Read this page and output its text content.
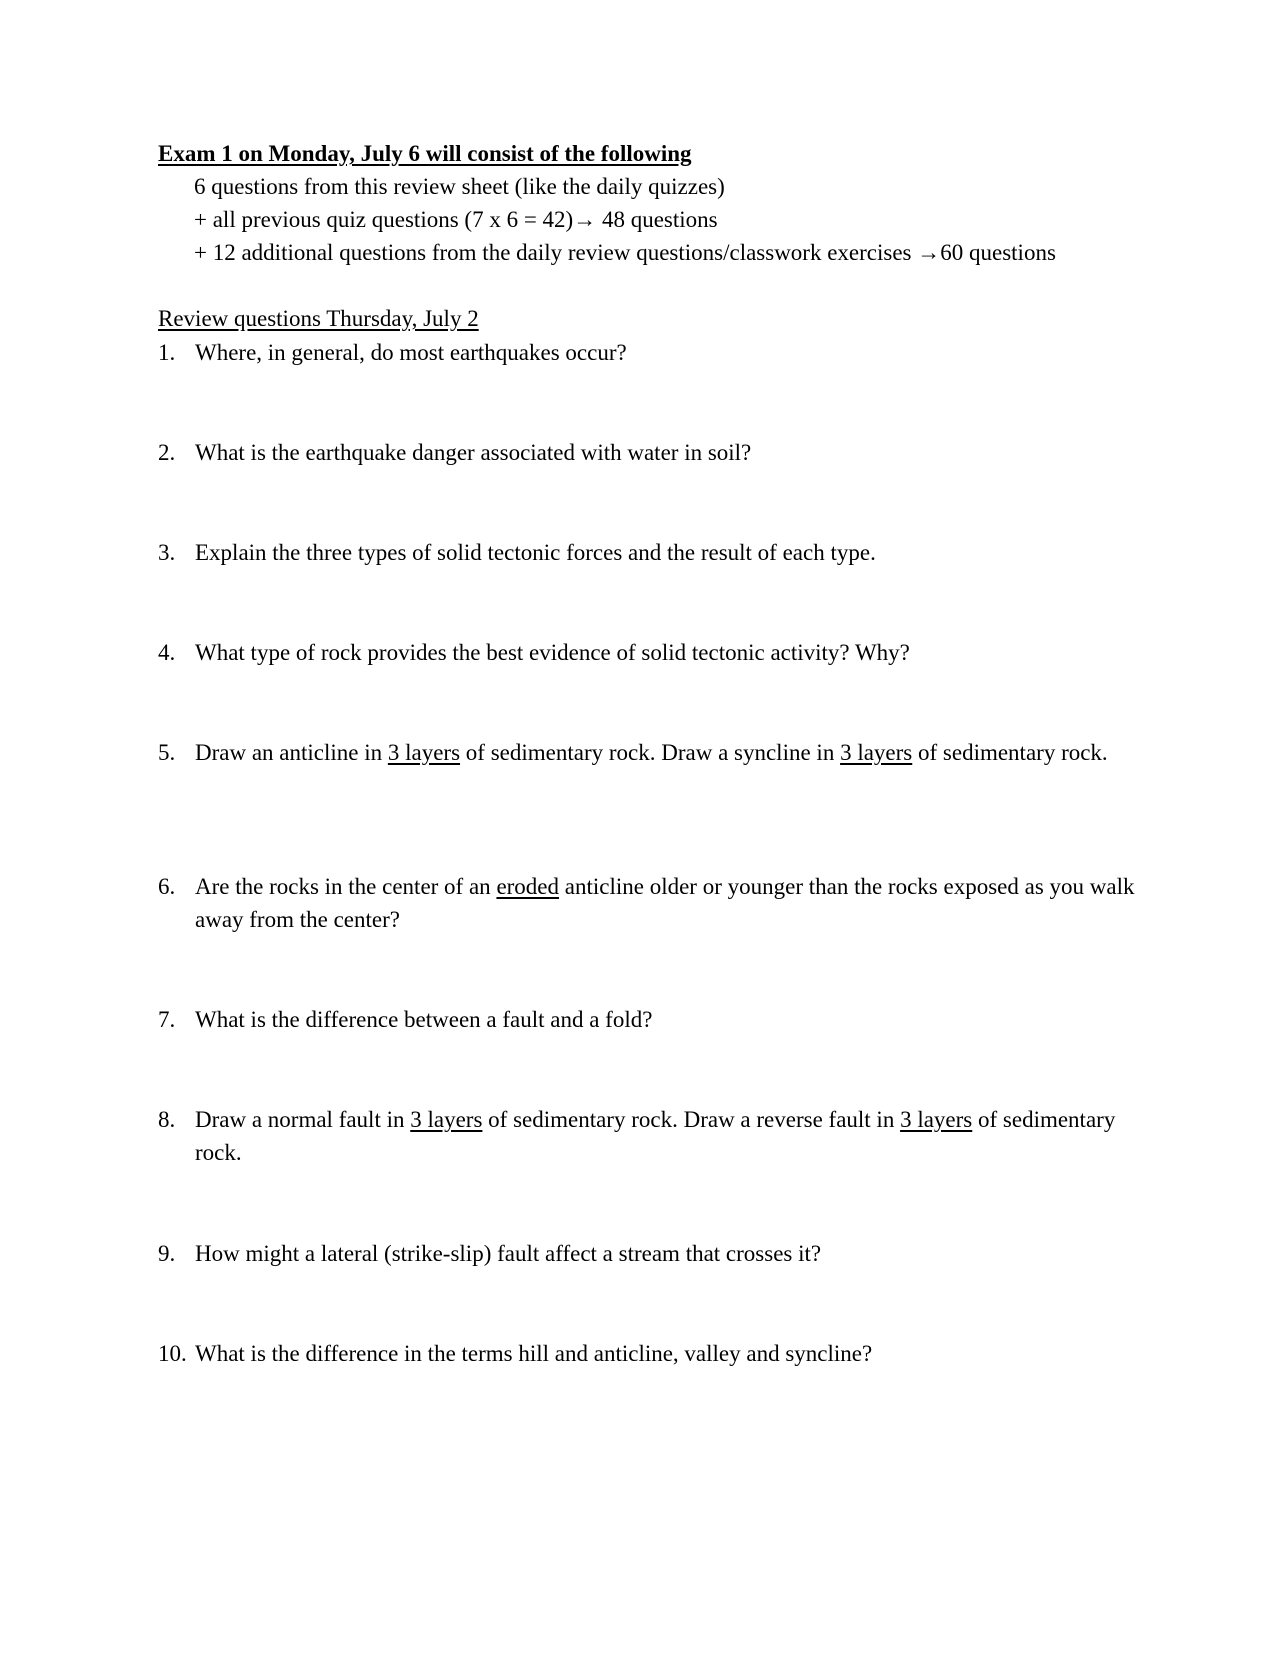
Exam 1 on Monday, July 6 will consist of the following
6 questions from this review sheet (like the daily quizzes)
+ all previous quiz questions (7 x 6 = 42)→ 48 questions
+ 12 additional questions from the daily review questions/classwork exercises →60 questions
Review questions Thursday, July 2
1. Where, in general, do most earthquakes occur?
2. What is the earthquake danger associated with water in soil?
3. Explain the three types of solid tectonic forces and the result of each type.
4. What type of rock provides the best evidence of solid tectonic activity? Why?
5. Draw an anticline in 3 layers of sedimentary rock. Draw a syncline in 3 layers of sedimentary rock.
6. Are the rocks in the center of an eroded anticline older or younger than the rocks exposed as you walk away from the center?
7. What is the difference between a fault and a fold?
8. Draw a normal fault in 3 layers of sedimentary rock. Draw a reverse fault in 3 layers of sedimentary rock.
9. How might a lateral (strike-slip) fault affect a stream that crosses it?
10. What is the difference in the terms hill and anticline, valley and syncline?
